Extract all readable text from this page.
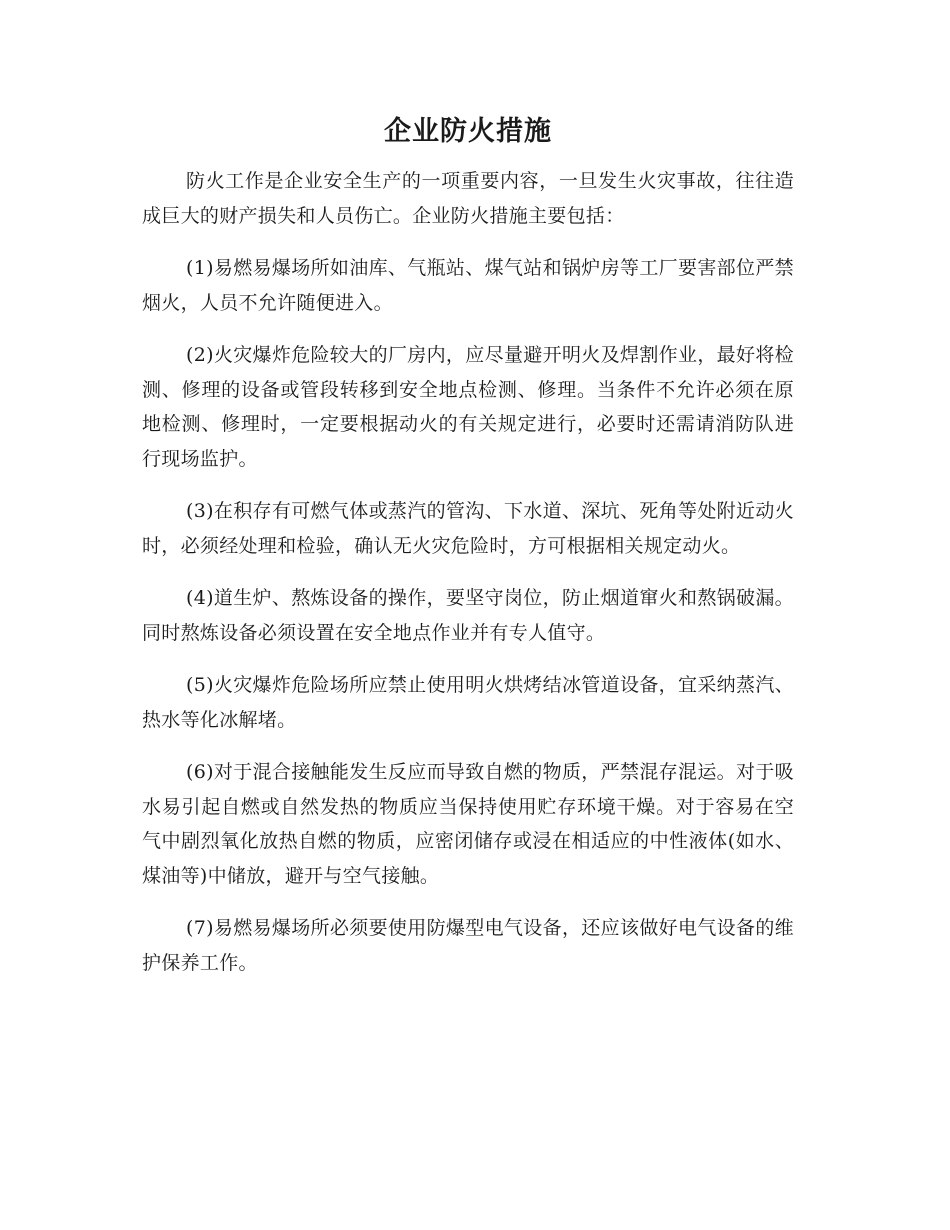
企业防火措施

防火工作是企业安全生产的一项重要内容，一旦发生火灾事故，往往造成巨大的财产损失和人员伤亡。企业防火措施主要包括：

(1)易燃易爆场所如油库、气瓶站、煤气站和锅炉房等工厂要害部位严禁烟火，人员不允许随便进入。

(2)火灾爆炸危险较大的厂房内，应尽量避开明火及焊割作业，最好将检测、修理的设备或管段转移到安全地点检测、修理。当条件不允许必须在原地检测、修理时，一定要根据动火的有关规定进行，必要时还需请消防队进行现场监护。

(3)在积存有可燃气体或蒸汽的管沟、下水道、深坑、死角等处附近动火时，必须经处理和检验，确认无火灾危险时，方可根据相关规定动火。

(4)道生炉、熬炼设备的操作，要坚守岗位，防止烟道窜火和熬锅破漏。同时熬炼设备必须设置在安全地点作业并有专人值守。

(5)火灾爆炸危险场所应禁止使用明火烘烤结冰管道设备，宜采纳蒸汽、热水等化冰解堵。

(6)对于混合接触能发生反应而导致自燃的物质，严禁混存混运。对于吸水易引起自燃或自然发热的物质应当保持使用贮存环境干燥。对于容易在空气中剧烈氧化放热自燃的物质，应密闭储存或浸在相适应的中性液体(如水、煤油等)中储放，避开与空气接触。

(7)易燃易爆场所必须要使用防爆型电气设备，还应该做好电气设备的维护保养工作。
